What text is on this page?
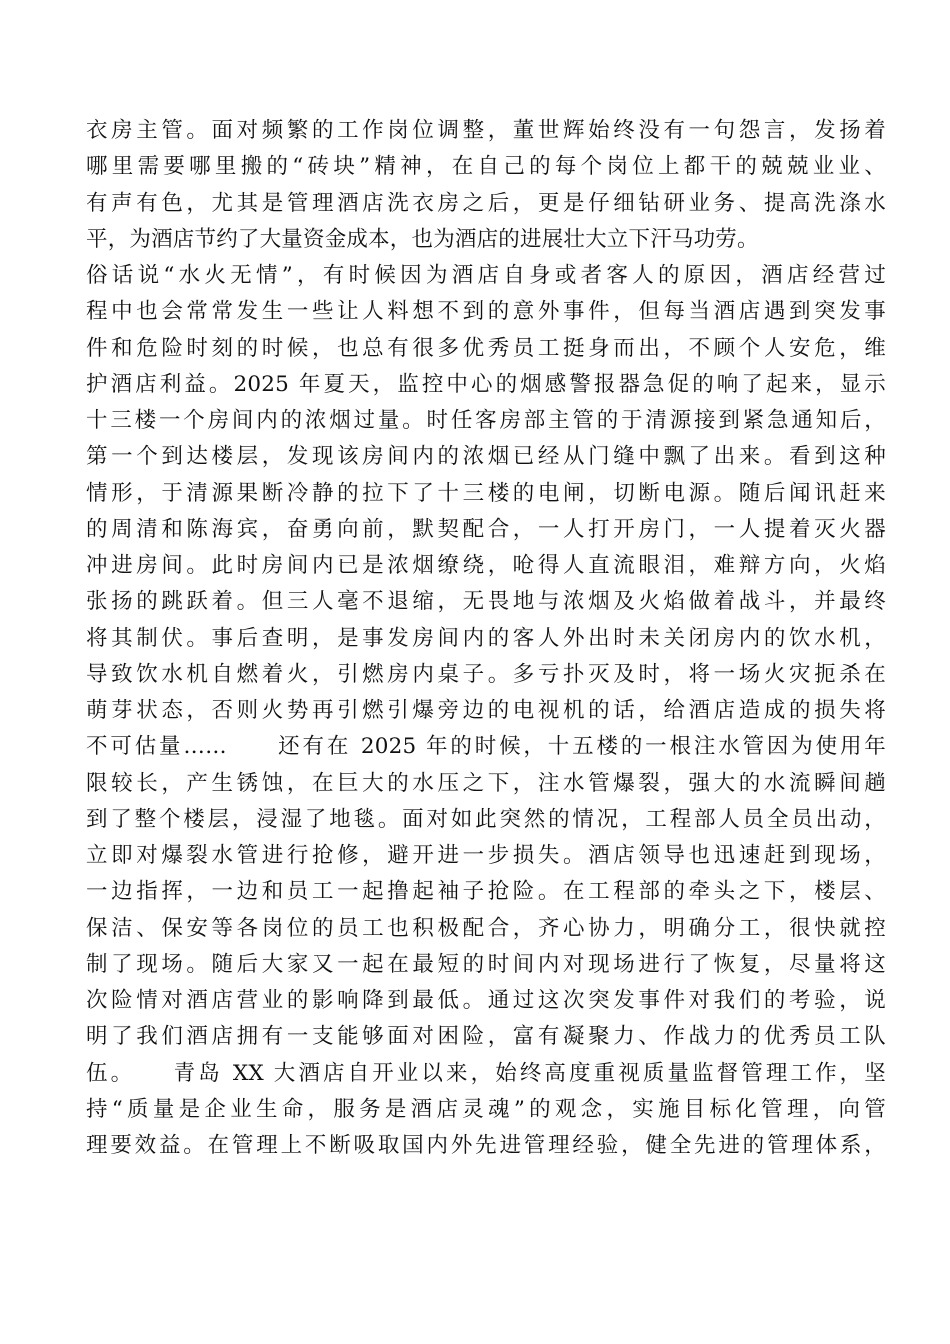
衣房主管。面对频繁的工作岗位调整，董世辉始终没有一句怨言，发扬着
哪里需要哪里搬的“砖块”精神，在自己的每个岗位上都干的兢兢业业、
有声有色，尤其是管理酒店洗衣房之后，更是仔细钻研业务、提高洗涤水
平，为酒店节约了大量资金成本，也为酒店的进展壮大立下汗马功劳。
俗话说“水火无情”，有时候因为酒店自身或者客人的原因，酒店经营过
程中也会常常发生一些让人料想不到的意外事件，但每当酒店遇到突发事
件和危险时刻的时候，也总有很多优秀员工挺身而出，不顾个人安危，维
护酒店利益。2025 年夏天，监控中心的烟感警报器急促的响了起来，显示
十三楼一个房间内的浓烟过量。时任客房部主管的于清源接到紧急通知后，
第一个到达楼层，发现该房间内的浓烟已经从门缝中飘了出来。看到这种
情形，于清源果断冷静的拉下了十三楼的电闸，切断电源。随后闻讯赶来
的周清和陈海宾，奋勇向前，默契配合，一人打开房门，一人提着灭火器
冲进房间。此时房间内已是浓烟缭绕，呛得人直流眼泪，难辩方向，火焰
张扬的跳跃着。但三人毫不退缩，无畏地与浓烟及火焰做着战斗，并最终
将其制伏。事后查明，是事发房间内的客人外出时未关闭房内的饮水机，
导致饮水机自燃着火，引燃房内桌子。多亏扑灭及时，将一场火灾扼杀在
萌芽状态，否则火势再引燃引爆旁边的电视机的话，给酒店造成的损失将
不可估量……　　还有在 2025 年的时候，十五楼的一根注水管因为使用年
限较长，产生锈蚀，在巨大的水压之下，注水管爆裂，强大的水流瞬间趟
到了整个楼层，浸湿了地毯。面对如此突然的情况，工程部人员全员出动，
立即对爆裂水管进行抢修，避开进一步损失。酒店领导也迅速赶到现场，
一边指挥，一边和员工一起撸起袖子抢险。在工程部的牵头之下，楼层、
保洁、保安等各岗位的员工也积极配合，齐心协力，明确分工，很快就控
制了现场。随后大家又一起在最短的时间内对现场进行了恢复，尽量将这
次险情对酒店营业的影响降到最低。通过这次突发事件对我们的考验，说
明了我们酒店拥有一支能够面对困险，富有凝聚力、作战力的优秀员工队
伍。　　青岛 XX 大酒店自开业以来，始终高度重视质量监督管理工作，坚
持“质量是企业生命，服务是酒店灵魂”的观念，实施目标化管理，向管
理要效益。在管理上不断吸取国内外先进管理经验，健全先进的管理体系，
